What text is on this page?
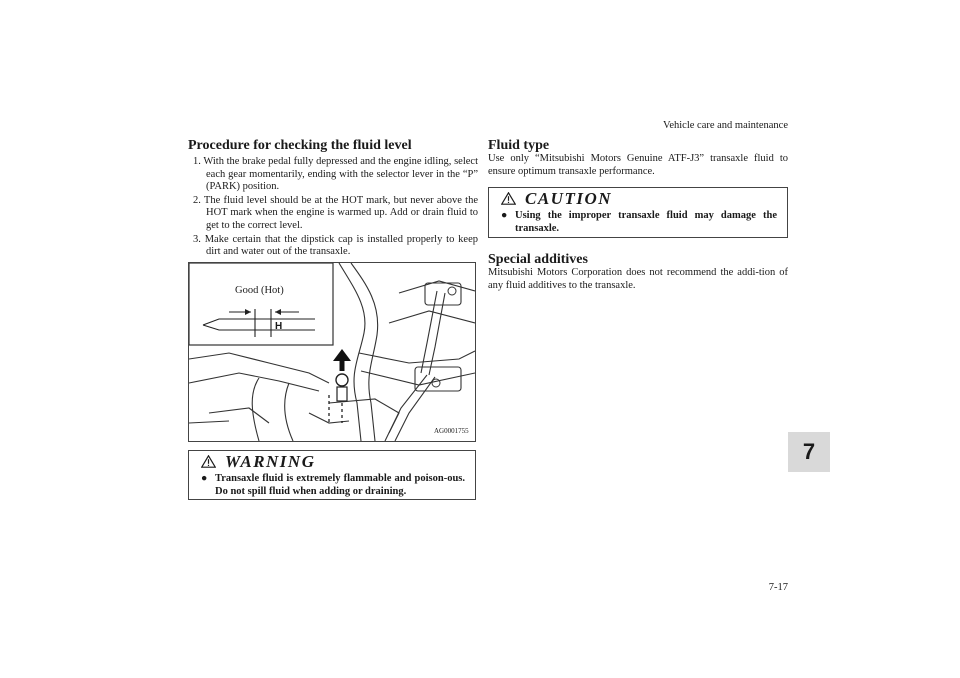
Vehicle care and maintenance
Procedure for checking the fluid level
1. With the brake pedal fully depressed and the engine idling, select each gear momentarily, ending with the selector lever in the “P” (PARK) position.
2. The fluid level should be at the HOT mark, but never above the HOT mark when the engine is warmed up. Add or drain fluid to get to the correct level.
3. Make certain that the dipstick cap is installed properly to keep dirt and water out of the transaxle.
Good (Hot)
H
AG0001755
WARNING
● Transaxle fluid is extremely flammable and poison-ous. Do not spill fluid when adding or draining.
Fluid type

Use only “Mitsubishi Motors Genuine ATF-J3” transaxle fluid to ensure optimum transaxle performance.

CAUTION
● Using the improper transaxle fluid may damage the transaxle.
Special additives

Mitsubishi Motors Corporation does not recommend the addi-tion of any fluid additives to the transaxle.

7
7-17
